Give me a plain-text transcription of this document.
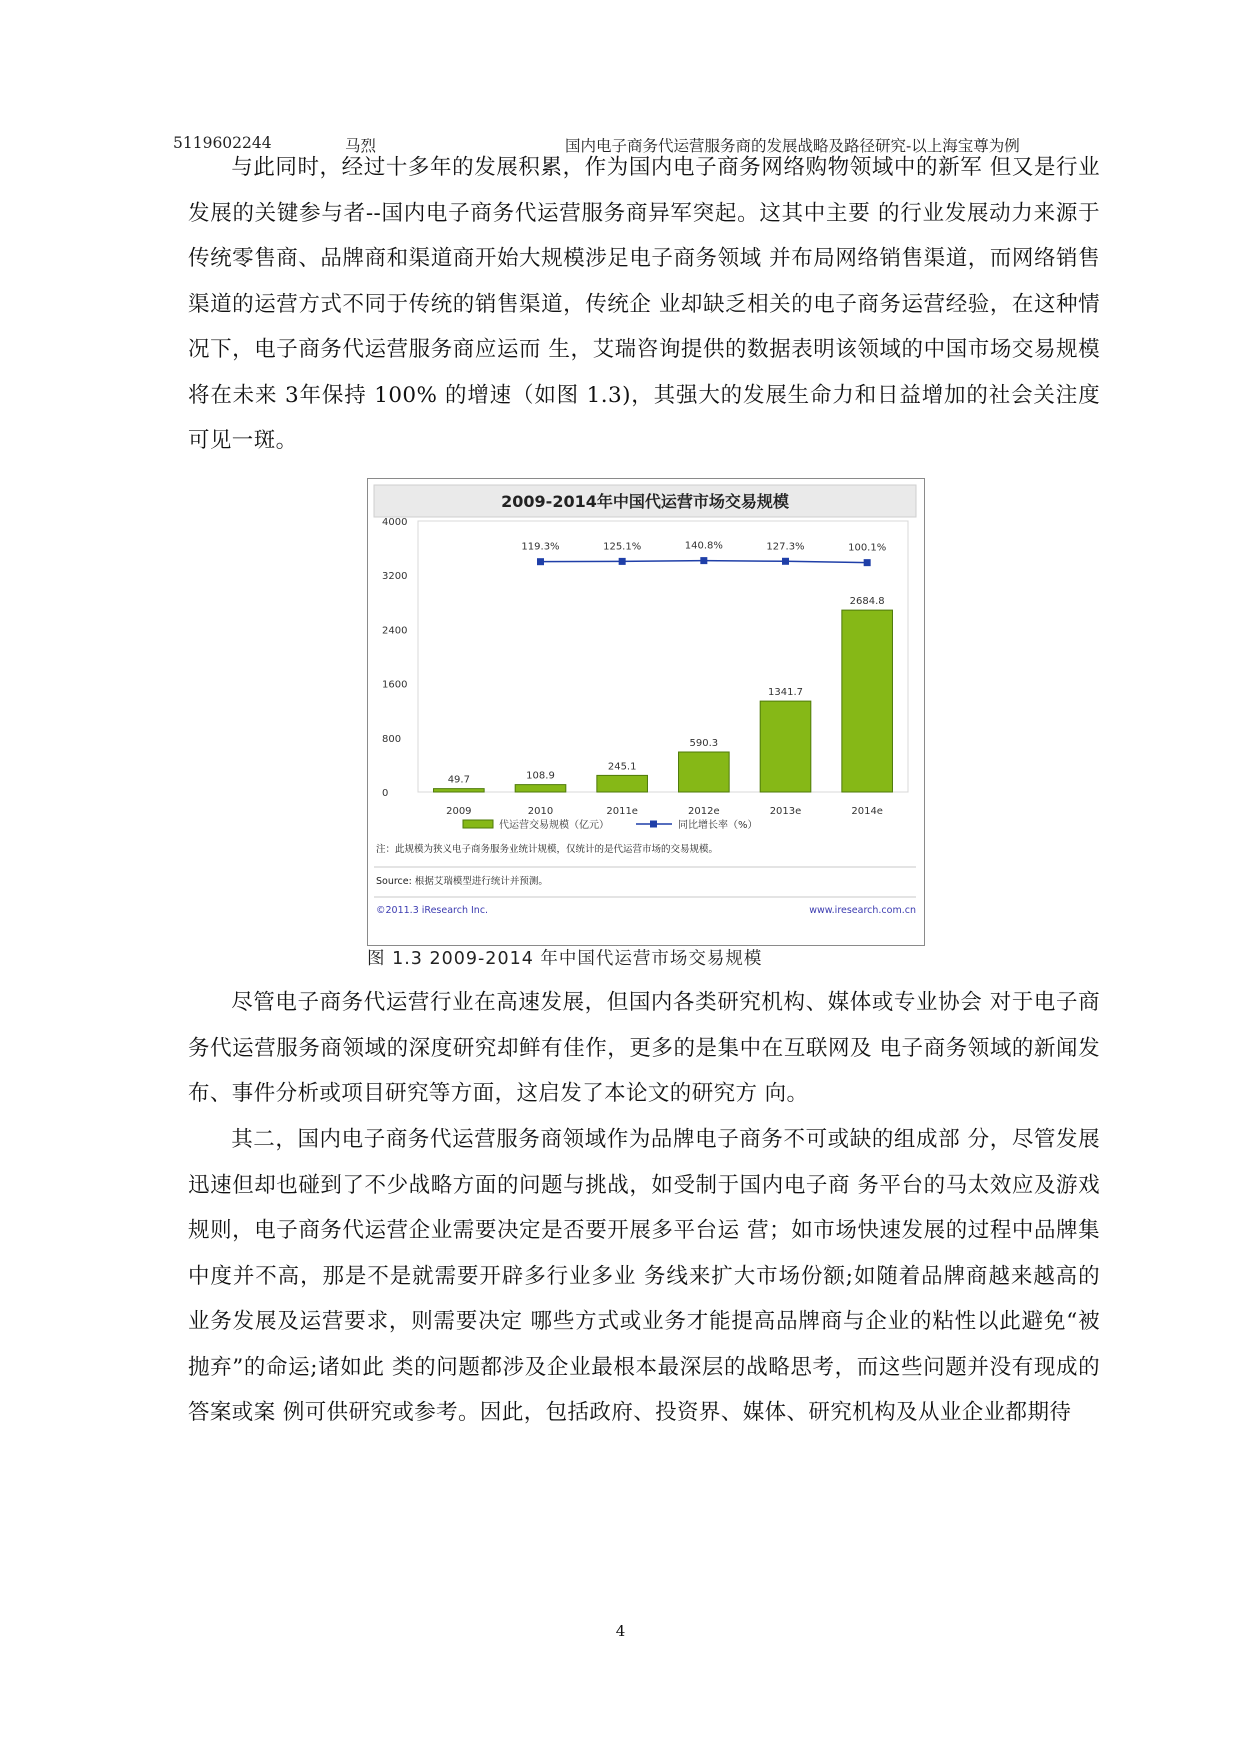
5119602244	马烈	国内电子商务代运营服务商的发展战略及路径研究-以上海宝尊为例

与此同时，经过十多年的发展积累，作为国内电子商务网络购物领域中的新军 但又是行业发展的关键参与者--国内电子商务代运营服务商异军突起。这其中主要 的行业发展动力来源于传统零售商、品牌商和渠道商开始大规模涉足电子商务领域 并布局网络销售渠道，而网络销售渠道的运营方式不同于传统的销售渠道，传统企 业却缺乏相关的电子商务运营经验，在这种情况下，电子商务代运营服务商应运而 生，艾瑞咨询提供的数据表明该领域的中国市场交易规模将在未来 3年保持 100% 的增速（如图 1.3)，其强大的发展生命力和日益增加的社会关注度可见一斑。

2009-2014年中国代运营市场交易规模
0
800
1600
2400
3200
4000
49.7
2009
108.9
2010
245.1
2011e
590.3
2012e
1341.7
2013e
2684.8
2014e
119.3%	125.1%	140.8%	127.3%	100.1%
代运营交易规模（亿元）	同比增长率（%）
注：此规模为狭义电子商务服务业统计规模，仅统计的是代运营市场的交易规模。
Source: 根据艾瑞模型进行统计并预测。
©2011.3 iResearch Inc.	www.iresearch.com.cn
图 1.3 2009-2014 年中国代运营市场交易规模

尽管电子商务代运营行业在高速发展，但国内各类研究机构、媒体或专业协会 对于电子商务代运营服务商领域的深度研究却鲜有佳作，更多的是集中在互联网及 电子商务领域的新闻发布、事件分析或项目研究等方面，这启发了本论文的研究方 向。

其二，国内电子商务代运营服务商领域作为品牌电子商务不可或缺的组成部 分，尽管发展迅速但却也碰到了不少战略方面的问题与挑战，如受制于国内电子商 务平台的马太效应及游戏规则，电子商务代运营企业需要决定是否要开展多平台运 营；如市场快速发展的过程中品牌集中度并不高，那是不是就需要开辟多行业多业 务线来扩大市场份额;如随着品牌商越来越高的业务发展及运营要求，则需要决定 哪些方式或业务才能提高品牌商与企业的粘性以此避免“被抛弃”的命运;诸如此 类的问题都涉及企业最根本最深层的战略思考，而这些问题并没有现成的答案或案 例可供研究或参考。因此，包括政府、投资界、媒体、研究机构及从业企业都期待

4
